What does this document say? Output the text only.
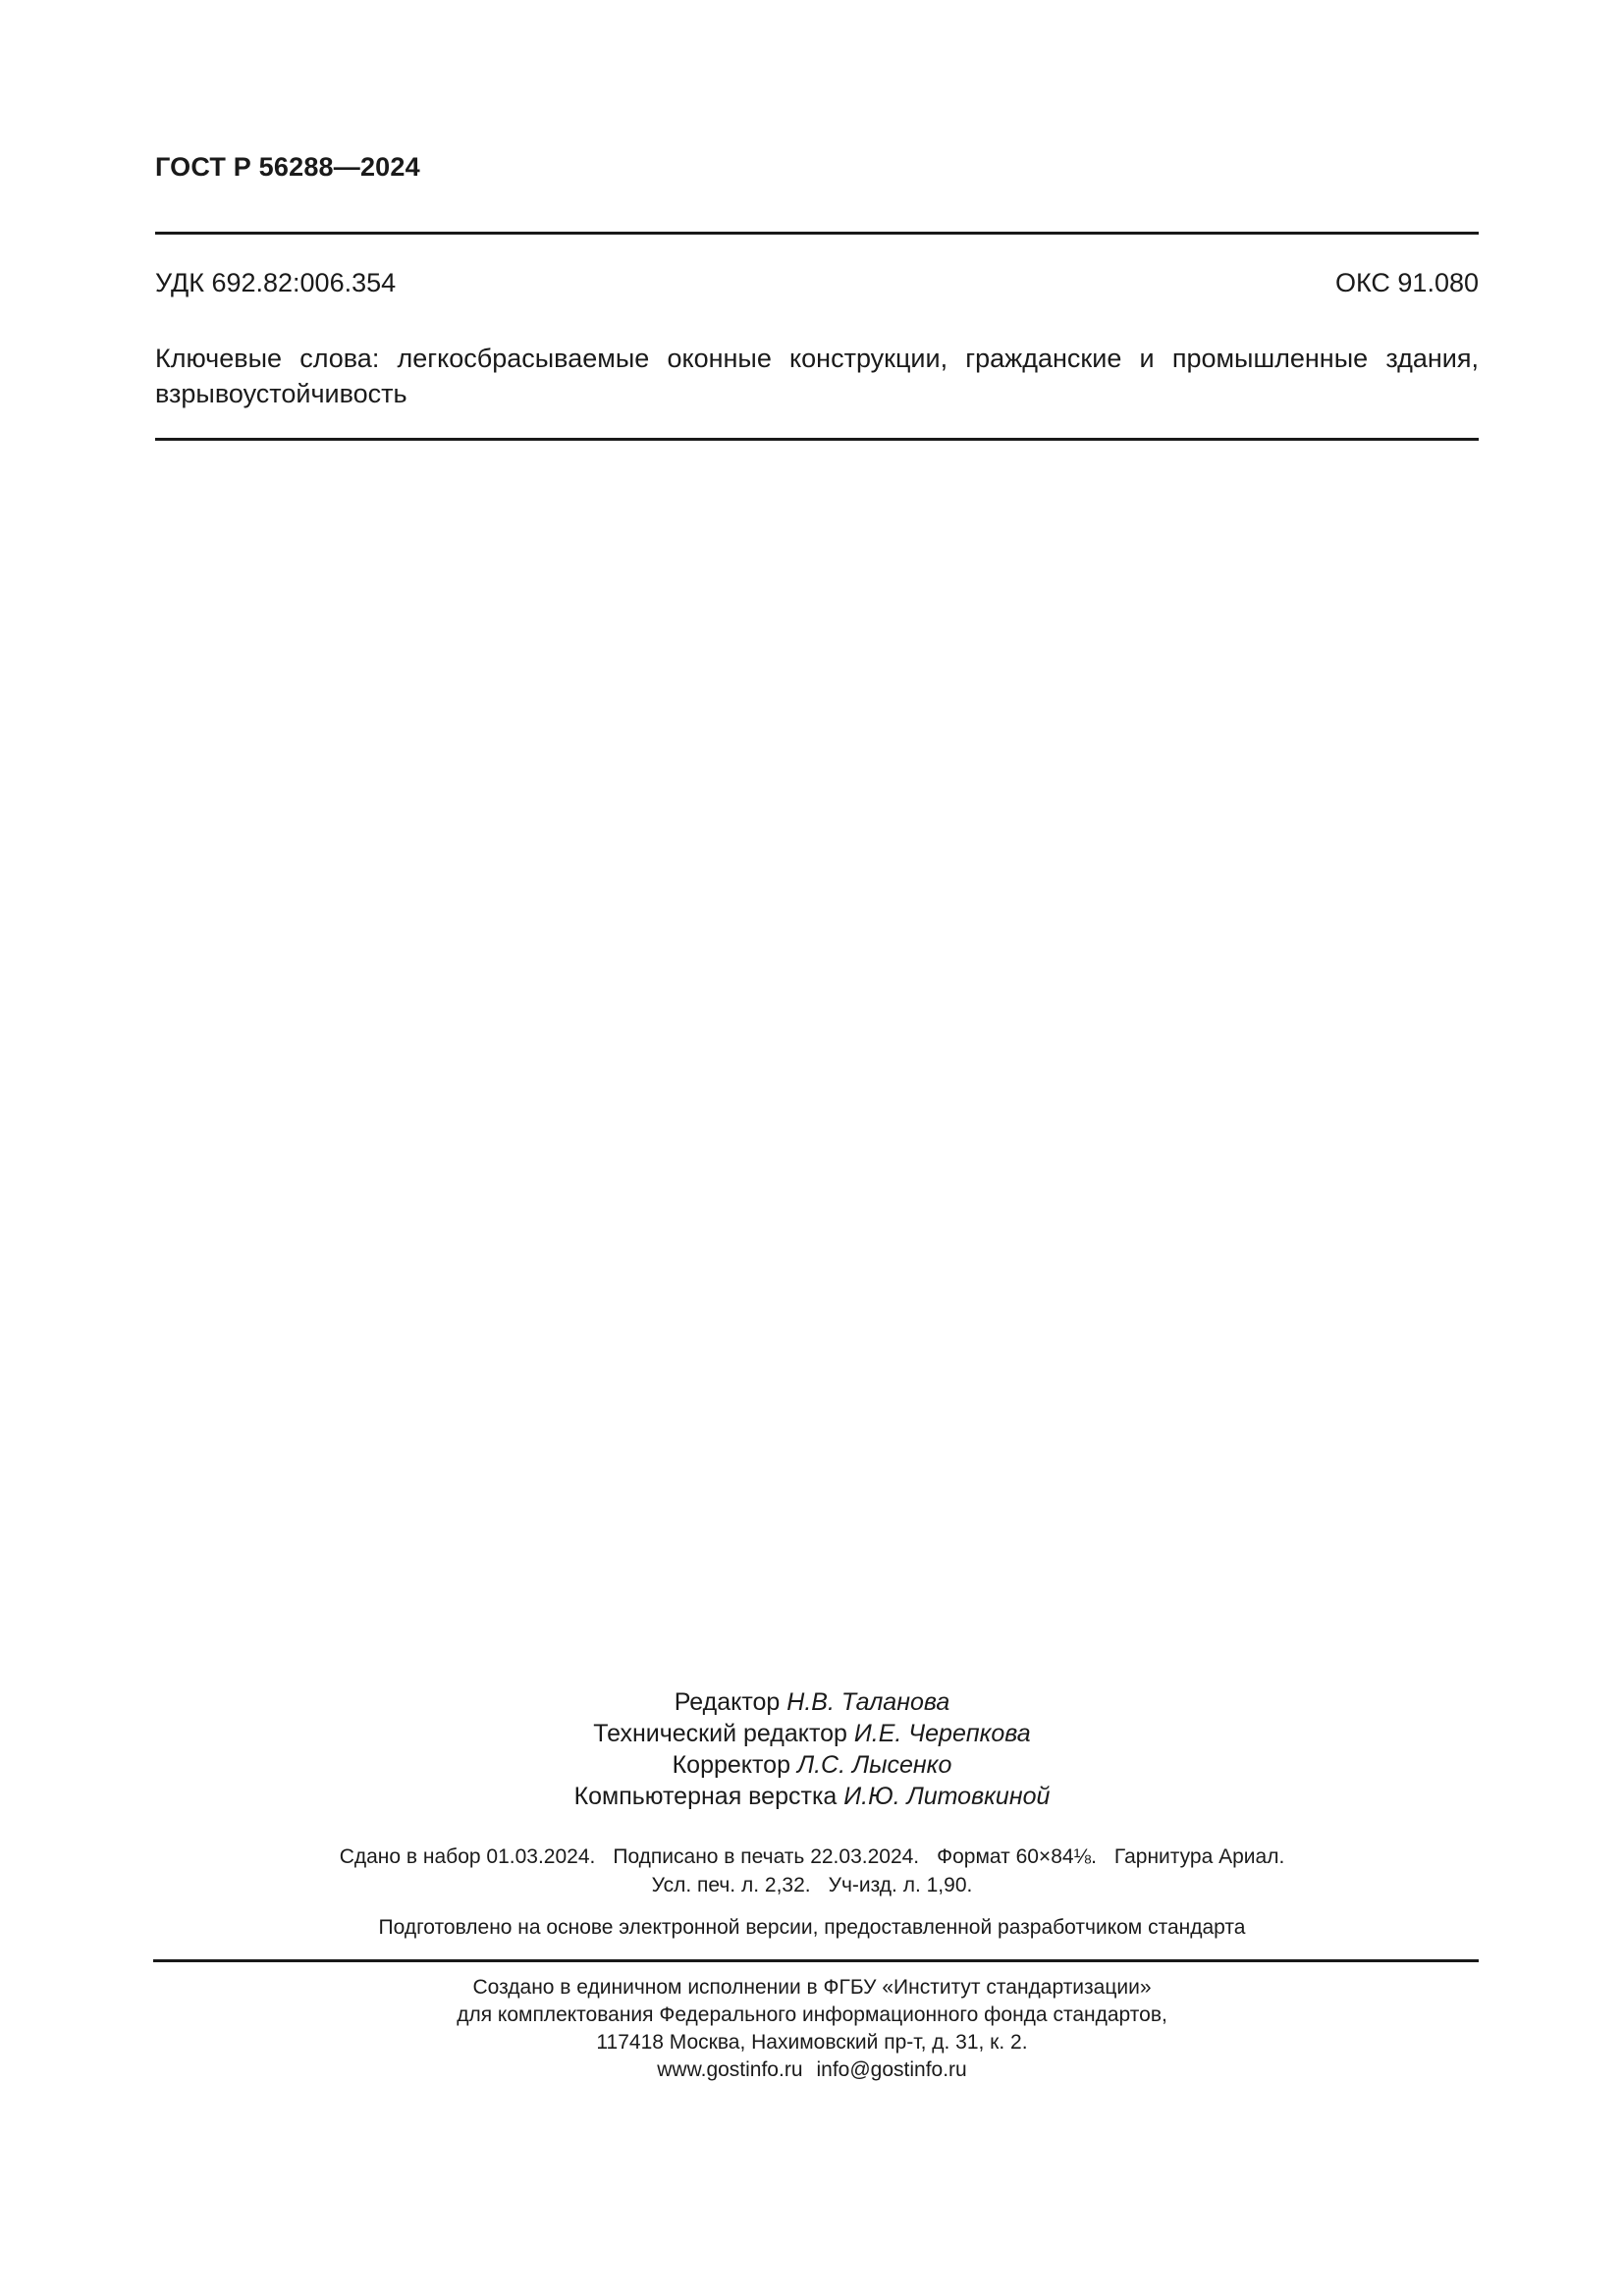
ГОСТ Р 56288—2024
УДК 692.82:006.354	ОКС 91.080
Ключевые слова: легкосбрасываемые оконные конструкции, гражданские и промышленные здания, взрывоустойчивость
Редактор Н.В. Таланова
Технический редактор И.Е. Черепкова
Корректор Л.С. Лысенко
Компьютерная верстка И.Ю. Литовкиной
Сдано в набор 01.03.2024. Подписано в печать 22.03.2024. Формат 60×84⅛. Гарнитура Ариал.
Усл. печ. л. 2,32. Уч-изд. л. 1,90.
Подготовлено на основе электронной версии, предоставленной разработчиком стандарта
Создано в единичном исполнении в ФГБУ «Институт стандартизации»
для комплектования Федерального информационного фонда стандартов,
117418 Москва, Нахимовский пр-т, д. 31, к. 2.
www.gostinfo.ru info@gostinfo.ru
